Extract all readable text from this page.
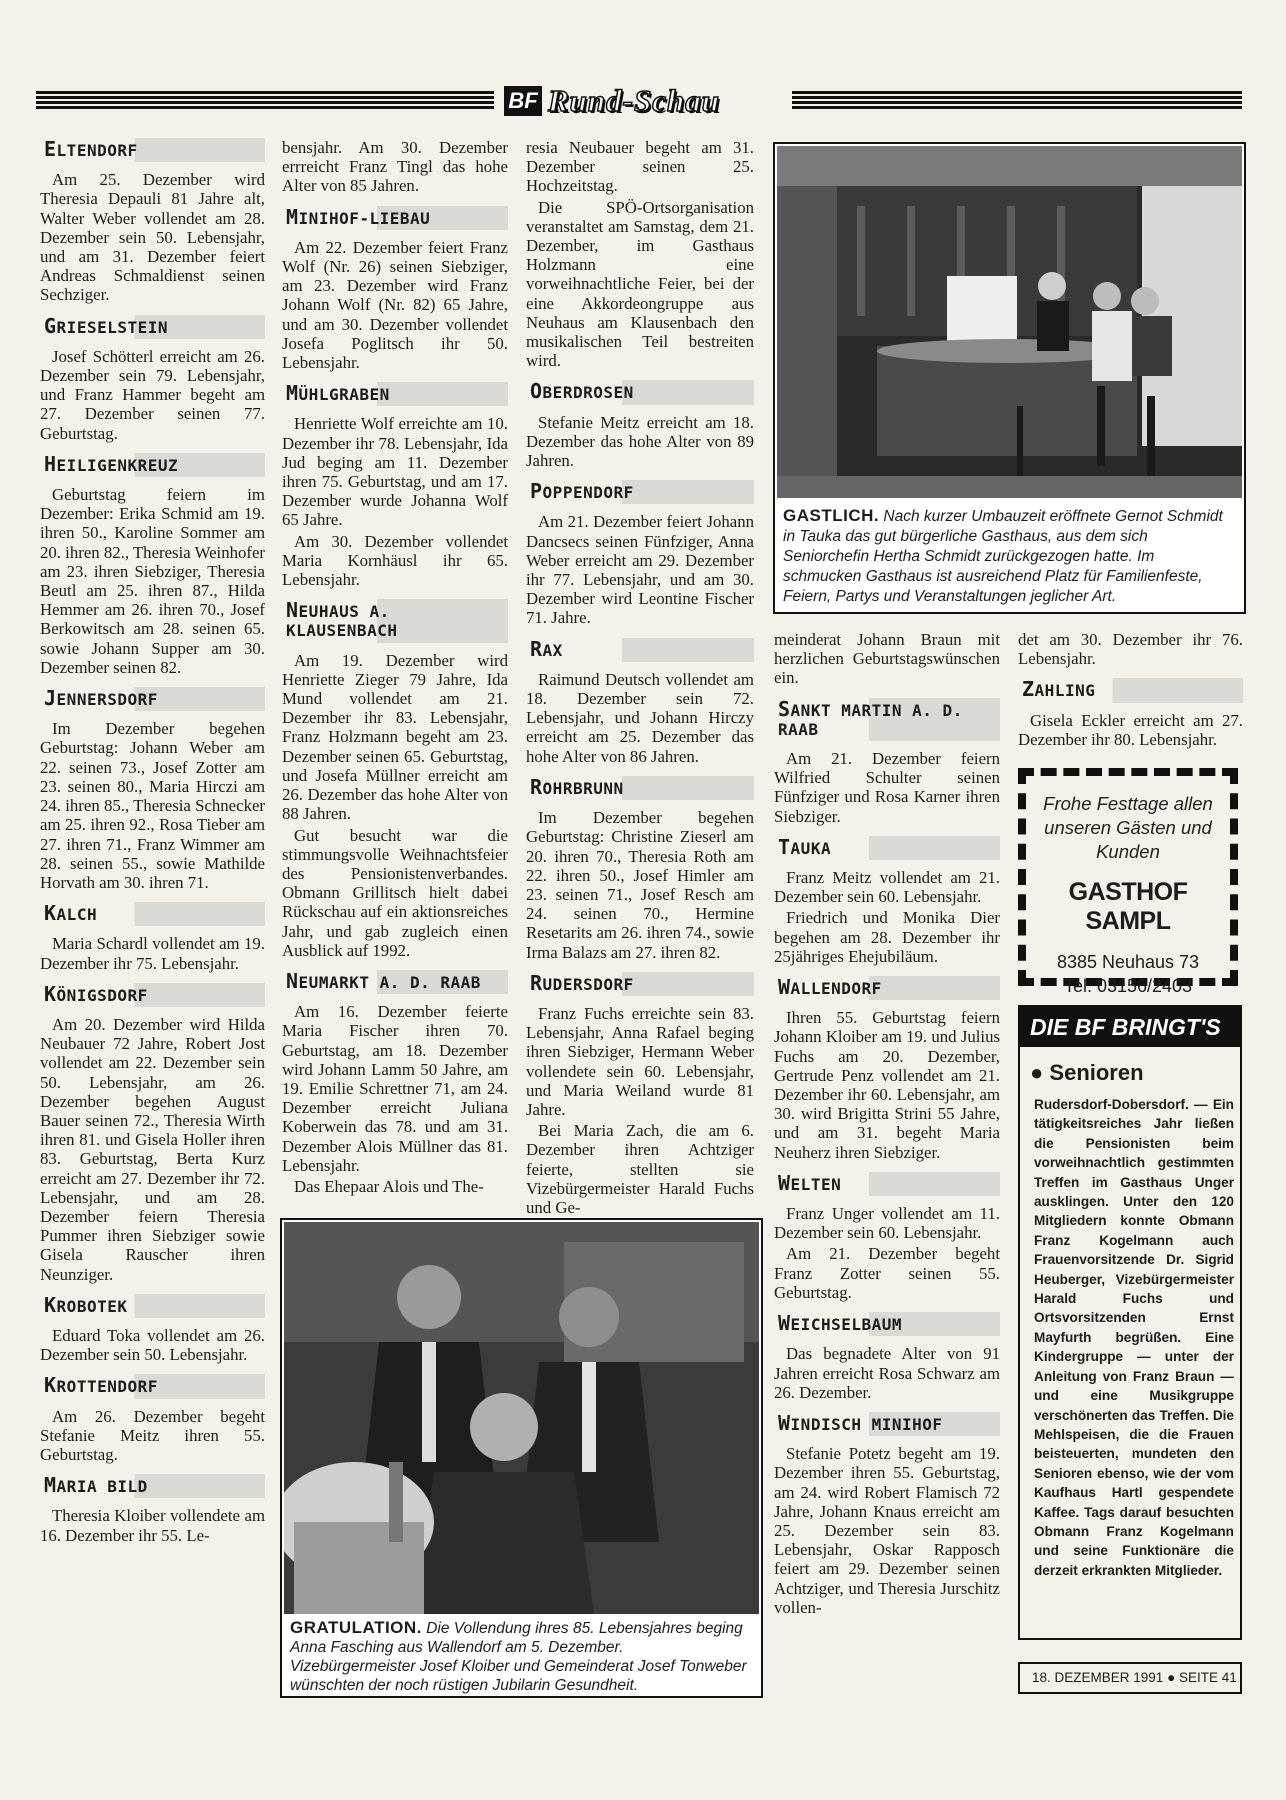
BF Rund-Schau
ELTENDORF

Am 25. Dezember wird Theresia Depauli 81 Jahre alt, Walter Weber vollendet am 28. Dezember sein 50. Lebensjahr, und am 31. Dezember feiert Andreas Schmaldienst seinen Sechziger.

GRIESELSTEIN

Josef Schötterl erreicht am 26. Dezember sein 79. Lebensjahr, und Franz Hammer begeht am 27. Dezember seinen 77. Geburtstag.

HEILIGENKREUZ

Geburtstag feiern im Dezember: Erika Schmid am 19. ihren 50., Karoline Sommer am 20. ihren 82., Theresia Weinhofer am 23. ihren Siebziger, Theresia Beutl am 25. ihren 87., Hilda Hemmer am 26. ihren 70., Josef Berkowitsch am 28. seinen 65. sowie Johann Supper am 30. Dezember seinen 82.

JENNERSDORF

Im Dezember begehen Geburtstag: Johann Weber am 22. seinen 73., Josef Zotter am 23. seinen 80., Maria Hirczi am 24. ihren 85., Theresia Schnecker am 25. ihren 92., Rosa Tieber am 27. ihren 71., Franz Wimmer am 28. seinen 55., sowie Mathilde Horvath am 30. ihren 71.

KALCH

Maria Schardl vollendet am 19. Dezember ihr 75. Lebensjahr.

KÖNIGSDORF

Am 20. Dezember wird Hilda Neubauer 72 Jahre, Robert Jost vollendet am 22. Dezember sein 50. Lebensjahr, am 26. Dezember begehen August Bauer seinen 72., Theresia Wirth ihren 81. und Gisela Holler ihren 83. Geburtstag, Berta Kurz erreicht am 27. Dezember ihr 72. Lebensjahr, und am 28. Dezember feiern Theresia Pummer ihren Siebziger sowie Gisela Rauscher ihren Neunziger.

KROBOTEK

Eduard Toka vollendet am 26. Dezember sein 50. Lebensjahr.

KROTTENDORF

Am 26. Dezember begeht Stefanie Meitz ihren 55. Geburtstag.

MARIA BILD

Theresia Kloiber vollendete am 16. Dezember ihr 55. Le-

bensjahr. Am 30. Dezember errreicht Franz Tingl das hohe Alter von 85 Jahren.

MINIHOF-LIEBAU

Am 22. Dezember feiert Franz Wolf (Nr. 26) seinen Siebziger, am 23. Dezember wird Franz Johann Wolf (Nr. 82) 65 Jahre, und am 30. Dezember vollendet Josefa Poglitsch ihr 50. Lebensjahr.

MÜHLGRABEN

Henriette Wolf erreichte am 10. Dezember ihr 78. Lebensjahr, Ida Jud beging am 11. Dezember ihren 75. Geburtstag, und am 17. Dezember wurde Johanna Wolf 65 Jahre.

Am 30. Dezember vollendet Maria Kornhäusl ihr 65. Lebensjahr.

NEUHAUS A. KLAUSENBACH

Am 19. Dezember wird Henriette Zieger 79 Jahre, Ida Mund vollendet am 21. Dezember ihr 83. Lebensjahr, Franz Holzmann begeht am 23. Dezember seinen 65. Geburtstag, und Josefa Müllner erreicht am 26. Dezember das hohe Alter von 88 Jahren.

Gut besucht war die stimmungsvolle Weihnachtsfeier des Pensionistenverbandes. Obmann Grillitsch hielt dabei Rückschau auf ein aktionsreiches Jahr, und gab zugleich einen Ausblick auf 1992.

NEUMARKT A. D. RAAB

Am 16. Dezember feierte Maria Fischer ihren 70. Geburtstag, am 18. Dezember wird Johann Lamm 50 Jahre, am 19. Emilie Schrettner 71, am 24. Dezember erreicht Juliana Koberwein das 78. und am 31. Dezember Alois Müllner das 81. Lebensjahr.

Das Ehepaar Alois und The-

resia Neubauer begeht am 31. Dezember seinen 25. Hochzeitstag.

Die SPÖ-Ortsorganisation veranstaltet am Samstag, dem 21. Dezember, im Gasthaus Holzmann eine vorweihnachtliche Feier, bei der eine Akkordeongruppe aus Neuhaus am Klausenbach den musikalischen Teil bestreiten wird.

OBERDROSEN

Stefanie Meitz erreicht am 18. Dezember das hohe Alter von 89 Jahren.

POPPENDORF

Am 21. Dezember feiert Johann Dancsecs seinen Fünfziger, Anna Weber erreicht am 29. Dezember ihr 77. Lebensjahr, und am 30. Dezember wird Leontine Fischer 71. Jahre.

RAX

Raimund Deutsch vollendet am 18. Dezember sein 72. Lebensjahr, und Johann Hirczy erreicht am 25. Dezember das hohe Alter von 86 Jahren.

ROHRBRUNN

Im Dezember begehen Geburtstag: Christine Zieserl am 20. ihren 70., Theresia Roth am 22. ihren 50., Josef Himler am 23. seinen 71., Josef Resch am 24. seinen 70., Hermine Resetarits am 26. ihren 74., sowie Irma Balazs am 27. ihren 82.

RUDERSDORF

Franz Fuchs erreichte sein 83. Lebensjahr, Anna Rafael beging ihren Siebziger, Hermann Weber vollendete sein 60. Lebensjahr, und Maria Weiland wurde 81 Jahre.

Bei Maria Zach, die am 6. Dezember ihren Achtziger feierte, stellten sie Vizebürgermeister Harald Fuchs und Ge-

meinderat Johann Braun mit herzlichen Geburtstagswünschen ein.

SANKT MARTIN A. D. RAAB

Am 21. Dezember feiern Wilfried Schulter seinen Fünfziger und Rosa Karner ihren Siebziger.

TAUKA

Franz Meitz vollendet am 21. Dezember sein 60. Lebensjahr.

Friedrich und Monika Dier begehen am 28. Dezember ihr 25jähriges Ehejubiläum.

WALLENDORF

Ihren 55. Geburtstag feiern Johann Kloiber am 19. und Julius Fuchs am 20. Dezember, Gertrude Penz vollendet am 21. Dezember ihr 60. Lebensjahr, am 30. wird Brigitta Strini 55 Jahre, und am 31. begeht Maria Neuherz ihren Siebziger.

WELTEN

Franz Unger vollendet am 11. Dezember sein 60. Lebensjahr.

Am 21. Dezember begeht Franz Zotter seinen 55. Geburtstag.

WEICHSELBAUM

Das begnadete Alter von 91 Jahren erreicht Rosa Schwarz am 26. Dezember.

WINDISCH MINIHOF

Stefanie Potetz begeht am 19. Dezember ihren 55. Geburtstag, am 24. wird Robert Flamisch 72 Jahre, Johann Knaus erreicht am 25. Dezember sein 83. Lebensjahr, Oskar Rapposch feiert am 29. Dezember seinen Achtziger, und Theresia Jurschitz vollen-

det am 30. Dezember ihr 76. Lebensjahr.

ZAHLING

Gisela Eckler erreicht am 27. Dezember ihr 80. Lebensjahr.

GASTLICH. Nach kurzer Umbauzeit eröffnete Gernot Schmidt in Tauka das gut bürgerliche Gasthaus, aus dem sich Seniorchefin Hertha Schmidt zurückgezogen hatte. Im schmucken Gasthaus ist ausreichend Platz für Familienfeste, Feiern, Partys und Veranstaltungen jeglicher Art.
GRATULATION. Die Vollendung ihres 85. Lebensjahres beging Anna Fasching aus Wallendorf am 5. Dezember. Vizebürgermeister Josef Kloiber und Gemeinderat Josef Tonweber wünschten der noch rüstigen Jubilarin Gesundheit.
Frohe Festtage allen unseren Gästen und Kunden
GASTHOF SAMPL
8385 Neuhaus 73
Tel. 03156/2403
DIE BF BRINGT'S
● Senioren
Rudersdorf-Dobersdorf. — Ein tätigkeitsreiches Jahr ließen die Pensionisten beim vorweihnachtlich gestimmten Treffen im Gasthaus Unger ausklingen. Unter den 120 Mitgliedern konnte Obmann Franz Kogelmann auch Frauenvorsitzende Dr. Sigrid Heuberger, Vizebürgermeister Harald Fuchs und Ortsvorsitzenden Ernst Mayfurth begrüßen. Eine Kindergruppe — unter der Anleitung von Franz Braun — und eine Musikgruppe verschönerten das Treffen. Die Mehlspeisen, die die Frauen beisteuerten, mundeten den Senioren ebenso, wie der vom Kaufhaus Hartl gespendete Kaffee. Tags darauf besuchten Obmann Franz Kogelmann und seine Funktionäre die derzeit erkrankten Mitglieder.
18. DEZEMBER 1991 ● SEITE 41
